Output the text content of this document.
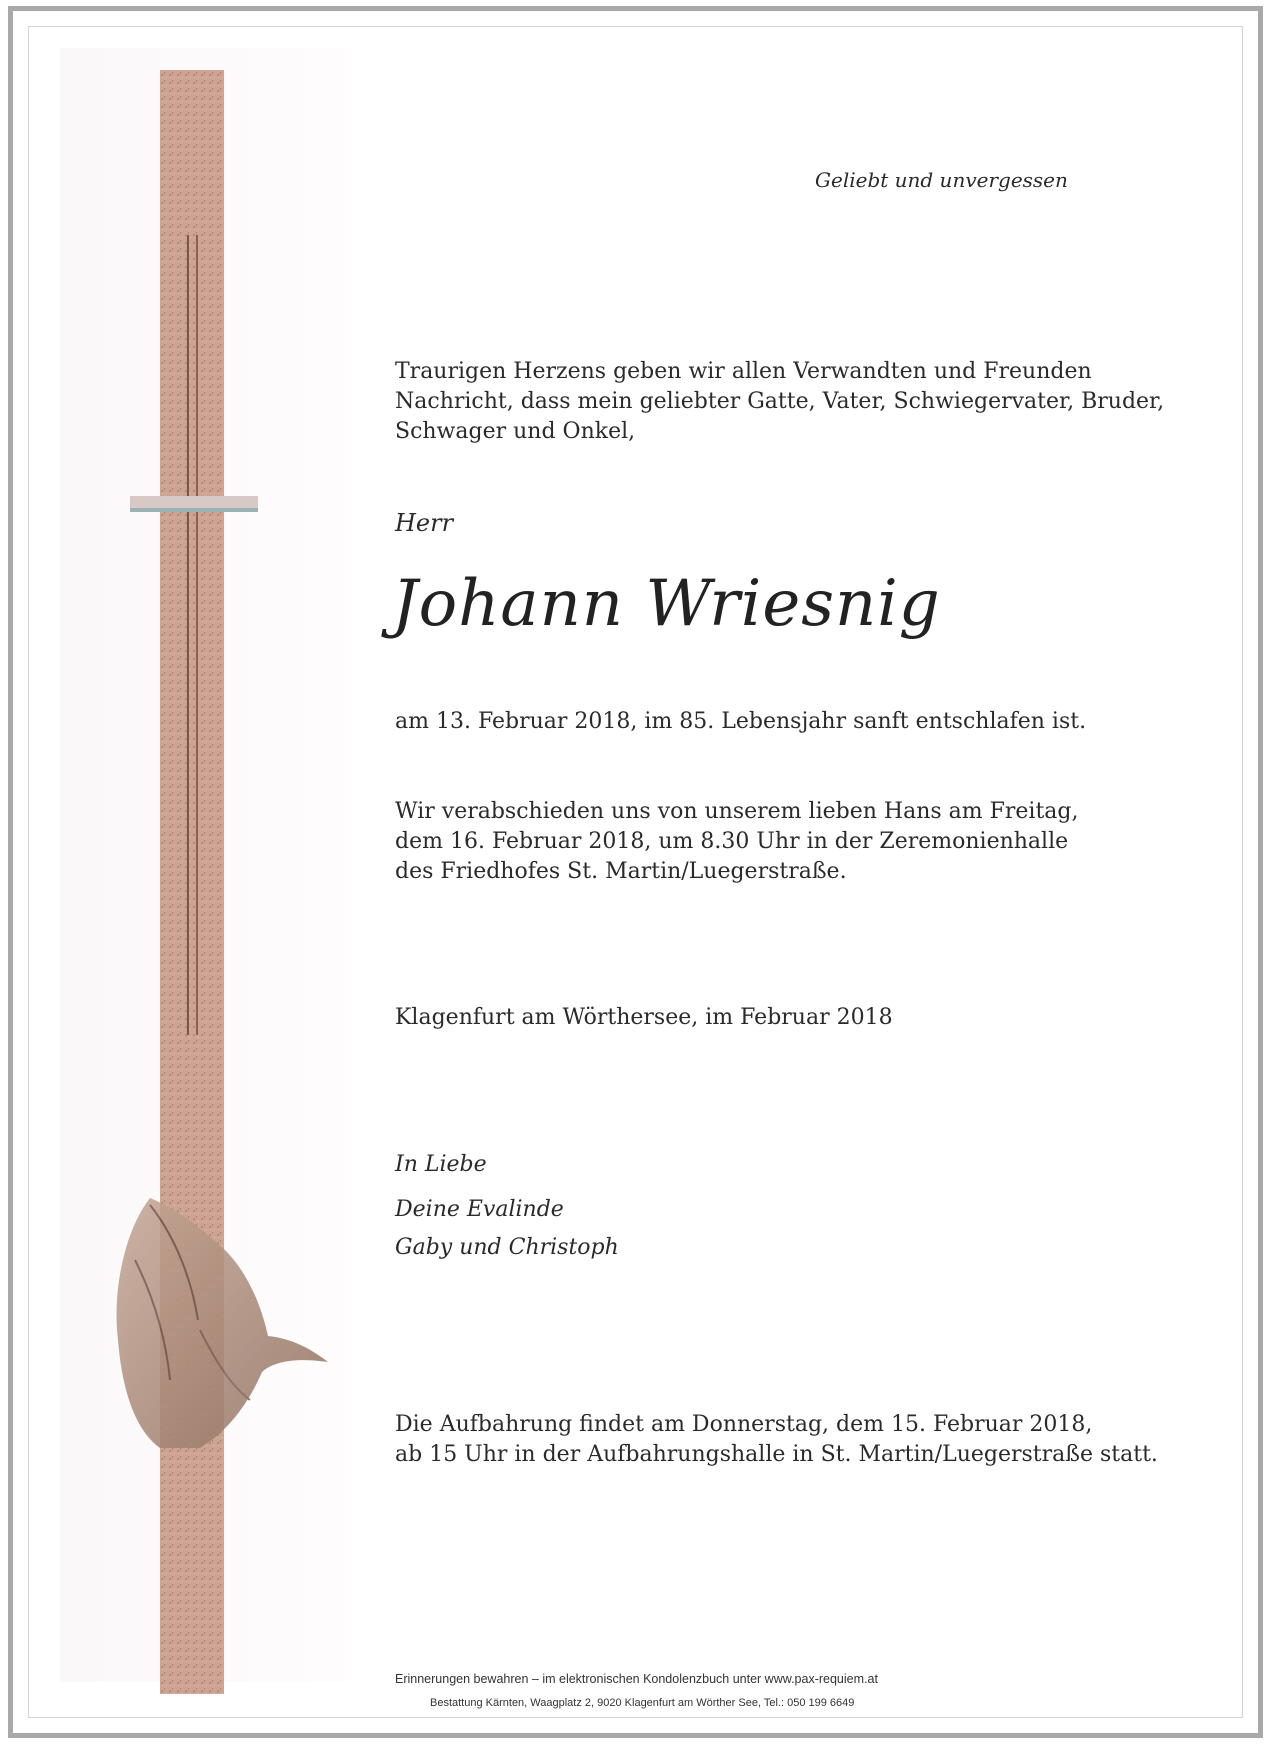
Geliebt und unvergessen
Traurigen Herzens geben wir allen Verwandten und Freunden Nachricht, dass mein geliebter Gatte, Vater, Schwiegervater, Bruder, Schwager und Onkel,
Herr
Johann Wriesnig
am 13. Februar 2018, im 85. Lebensjahr sanft entschlafen ist.
Wir verabschieden uns von unserem lieben Hans am Freitag,
dem 16. Februar 2018, um 8.30 Uhr in der Zeremonienhalle
des Friedhofes St. Martin/Luegerstraße.
Klagenfurt am Wörthersee, im Februar 2018
In Liebe
Deine Evalinde
Gaby und Christoph
Die Aufbahrung findet am Donnerstag, dem 15. Februar 2018,
ab 15 Uhr in der Aufbahrungshalle in St. Martin/Luegerstraße statt.
Erinnerungen bewahren – im elektronischen Kondolenzbuch unter www.pax-requiem.at
Bestattung Kärnten, Waagplatz 2, 9020 Klagenfurt am Wörther See, Tel.: 050 199 6649
